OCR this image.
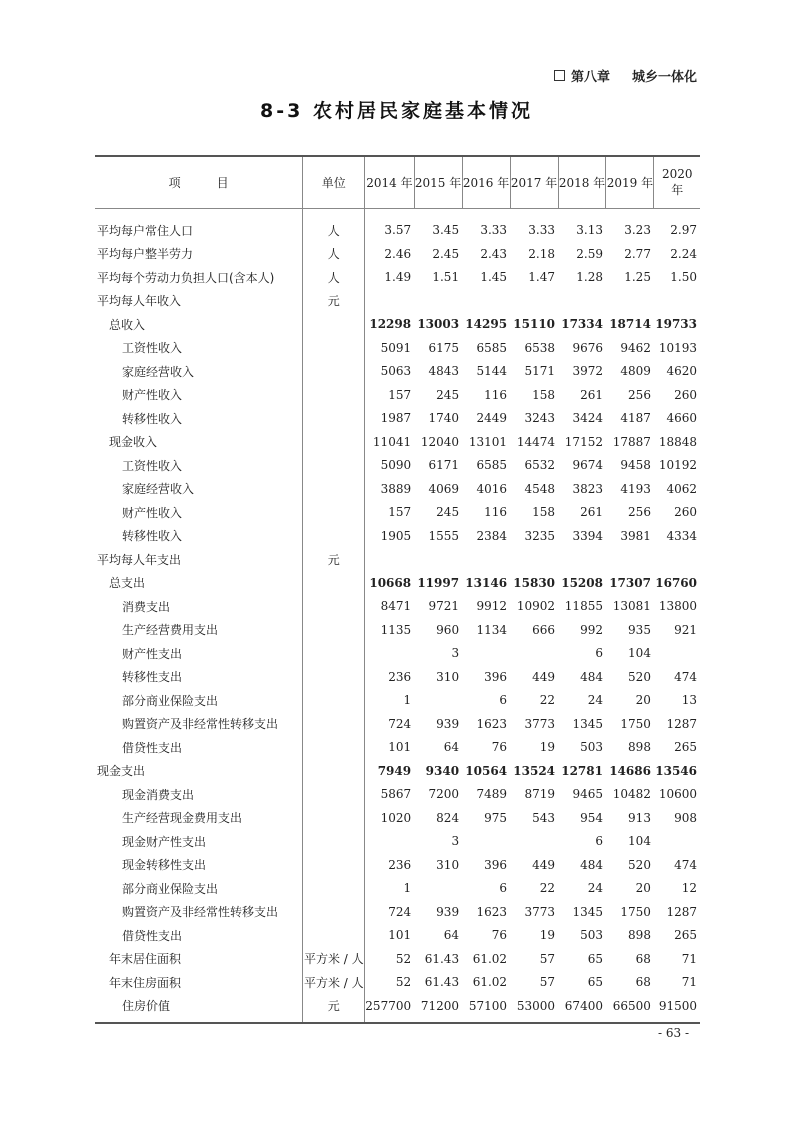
第八章 城乡一体化
8-3 农村居民家庭基本情况
项　　　目	单位	2014 年	2015 年	2016 年	2017 年	2018 年	2019 年	2020 年

平均每户常住人口	人	3.57	3.45	3.33	3.33	3.13	3.23	2.97
平均每户整半劳力	人	2.46	2.45	2.43	2.18	2.59	2.77	2.24
平均每个劳动力负担人口(含本人)	人	1.49	1.51	1.45	1.47	1.28	1.25	1.50
平均每人年收入	元							
总收入		12298	13003	14295	15110	17334	18714	19733
工资性收入		5091	6175	6585	6538	9676	9462	10193
家庭经营收入		5063	4843	5144	5171	3972	4809	4620
财产性收入		157	245	116	158	261	256	260
转移性收入		1987	1740	2449	3243	3424	4187	4660
现金收入		11041	12040	13101	14474	17152	17887	18848
工资性收入		5090	6171	6585	6532	9674	9458	10192
家庭经营收入		3889	4069	4016	4548	3823	4193	4062
财产性收入		157	245	116	158	261	256	260
转移性收入		1905	1555	2384	3235	3394	3981	4334
平均每人年支出	元							
总支出		10668	11997	13146	15830	15208	17307	16760
消费支出		8471	9721	9912	10902	11855	13081	13800
生产经营费用支出		1135	960	1134	666	992	935	921
财产性支出			3			6	104	
转移性支出		236	310	396	449	484	520	474
部分商业保险支出		1		6	22	24	20	13
购置资产及非经常性转移支出		724	939	1623	3773	1345	1750	1287
借贷性支出		101	64	76	19	503	898	265
现金支出		7949	9340	10564	13524	12781	14686	13546
现金消费支出		5867	7200	7489	8719	9465	10482	10600
生产经营现金费用支出		1020	824	975	543	954	913	908
现金财产性支出			3			6	104	
现金转移性支出		236	310	396	449	484	520	474
部分商业保险支出		1		6	22	24	20	12
购置资产及非经常性转移支出		724	939	1623	3773	1345	1750	1287
借贷性支出		101	64	76	19	503	898	265
年末居住面积	平方米 / 人	52	61.43	61.02	57	65	68	71
年末住房面积	平方米 / 人	52	61.43	61.02	57	65	68	71
住房价值	元	257700	71200	57100	53000	67400	66500	91500
- 63 -
